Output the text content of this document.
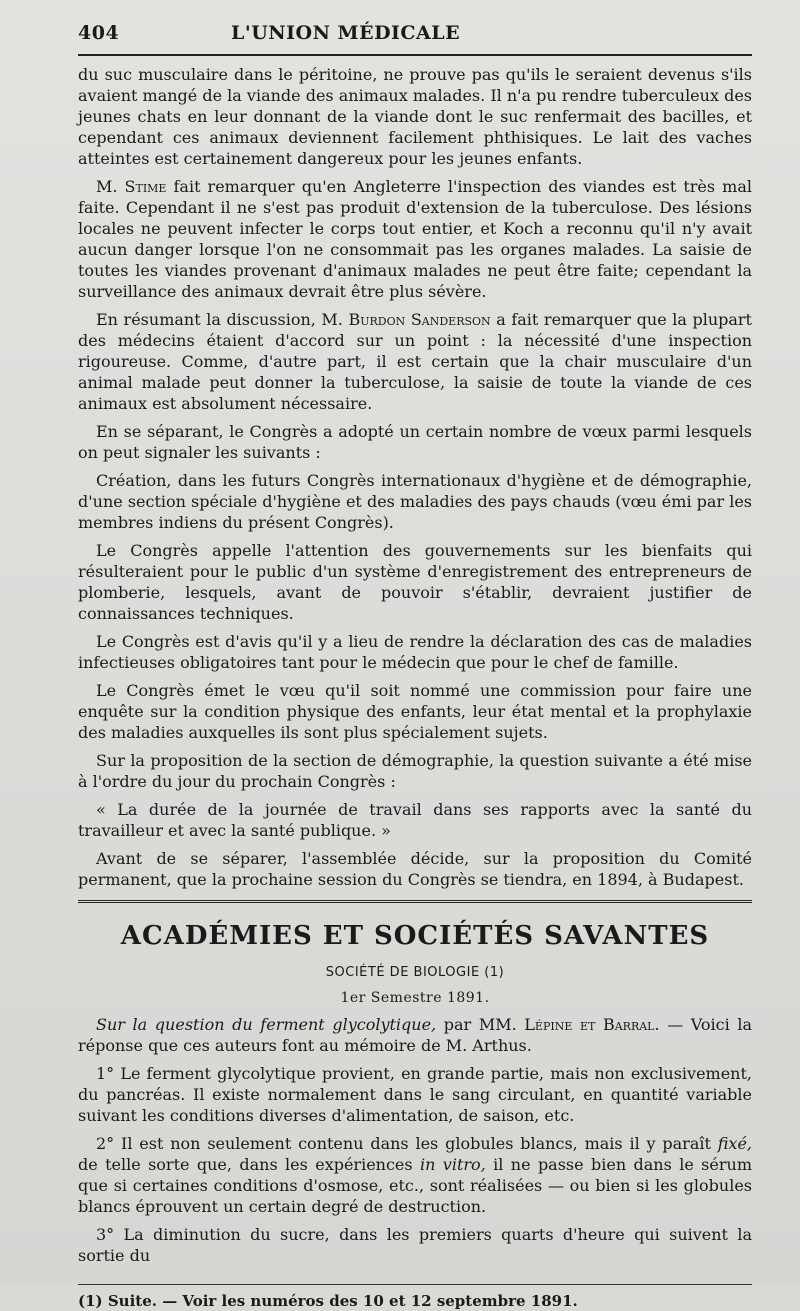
404	L'UNION MÉDICALE

du suc musculaire dans le péritoine, ne prouve pas qu'ils le seraient devenus s'ils avaient mangé de la viande des animaux malades. Il n'a pu rendre tuberculeux des jeunes chats en leur donnant de la viande dont le suc renfermait des bacilles, et cependant ces animaux deviennent facilement phthisiques. Le lait des vaches atteintes est certainement dangereux pour les jeunes enfants.

M. Stime fait remarquer qu'en Angleterre l'inspection des viandes est très mal faite. Cependant il ne s'est pas produit d'extension de la tuberculose. Des lésions locales ne peuvent infecter le corps tout entier, et Koch a reconnu qu'il n'y avait aucun danger lorsque l'on ne consommait pas les organes malades. La saisie de toutes les viandes provenant d'animaux malades ne peut être faite; cependant la surveillance des animaux devrait être plus sévère.

En résumant la discussion, M. Burdon Sanderson a fait remarquer que la plupart des médecins étaient d'accord sur un point : la nécessité d'une inspection rigoureuse. Comme, d'autre part, il est certain que la chair musculaire d'un animal malade peut donner la tuberculose, la saisie de toute la viande de ces animaux est absolument nécessaire.

En se séparant, le Congrès a adopté un certain nombre de vœux parmi lesquels on peut signaler les suivants :

Création, dans les futurs Congrès internationaux d'hygiène et de démographie, d'une section spéciale d'hygiène et des maladies des pays chauds (vœu émi par les membres indiens du présent Congrès).

Le Congrès appelle l'attention des gouvernements sur les bienfaits qui résulteraient pour le public d'un système d'enregistrement des entrepreneurs de plomberie, lesquels, avant de pouvoir s'établir, devraient justifier de connaissances techniques.

Le Congrès est d'avis qu'il y a lieu de rendre la déclaration des cas de maladies infectieuses obligatoires tant pour le médecin que pour le chef de famille.

Le Congrès émet le vœu qu'il soit nommé une commission pour faire une enquête sur la condition physique des enfants, leur état mental et la prophylaxie des maladies auxquelles ils sont plus spécialement sujets.

Sur la proposition de la section de démographie, la question suivante a été mise à l'ordre du jour du prochain Congrès :

« La durée de la journée de travail dans ses rapports avec la santé du travailleur et avec la santé publique. »

Avant de se séparer, l'assemblée décide, sur la proposition du Comité permanent, que la prochaine session du Congrès se tiendra, en 1894, à Budapest.

ACADÉMIES ET SOCIÉTÉS SAVANTES
SOCIÉTÉ DE BIOLOGIE (1)
1er Semestre 1891.

Sur la question du ferment glycolytique, par MM. Lépine et Barral. — Voici la réponse que ces auteurs font au mémoire de M. Arthus.

1° Le ferment glycolytique provient, en grande partie, mais non exclusivement, du pancréas. Il existe normalement dans le sang circulant, en quantité variable suivant les conditions diverses d'alimentation, de saison, etc.

2° Il est non seulement contenu dans les globules blancs, mais il y paraît fixé, de telle sorte que, dans les expériences in vitro, il ne passe bien dans le sérum que si certaines conditions d'osmose, etc., sont réalisées — ou bien si les globules blancs éprouvent un certain degré de destruction.

3° La diminution du sucre, dans les premiers quarts d'heure qui suivent la sortie du

(1) Suite. — Voir les numéros des 10 et 12 septembre 1891.
